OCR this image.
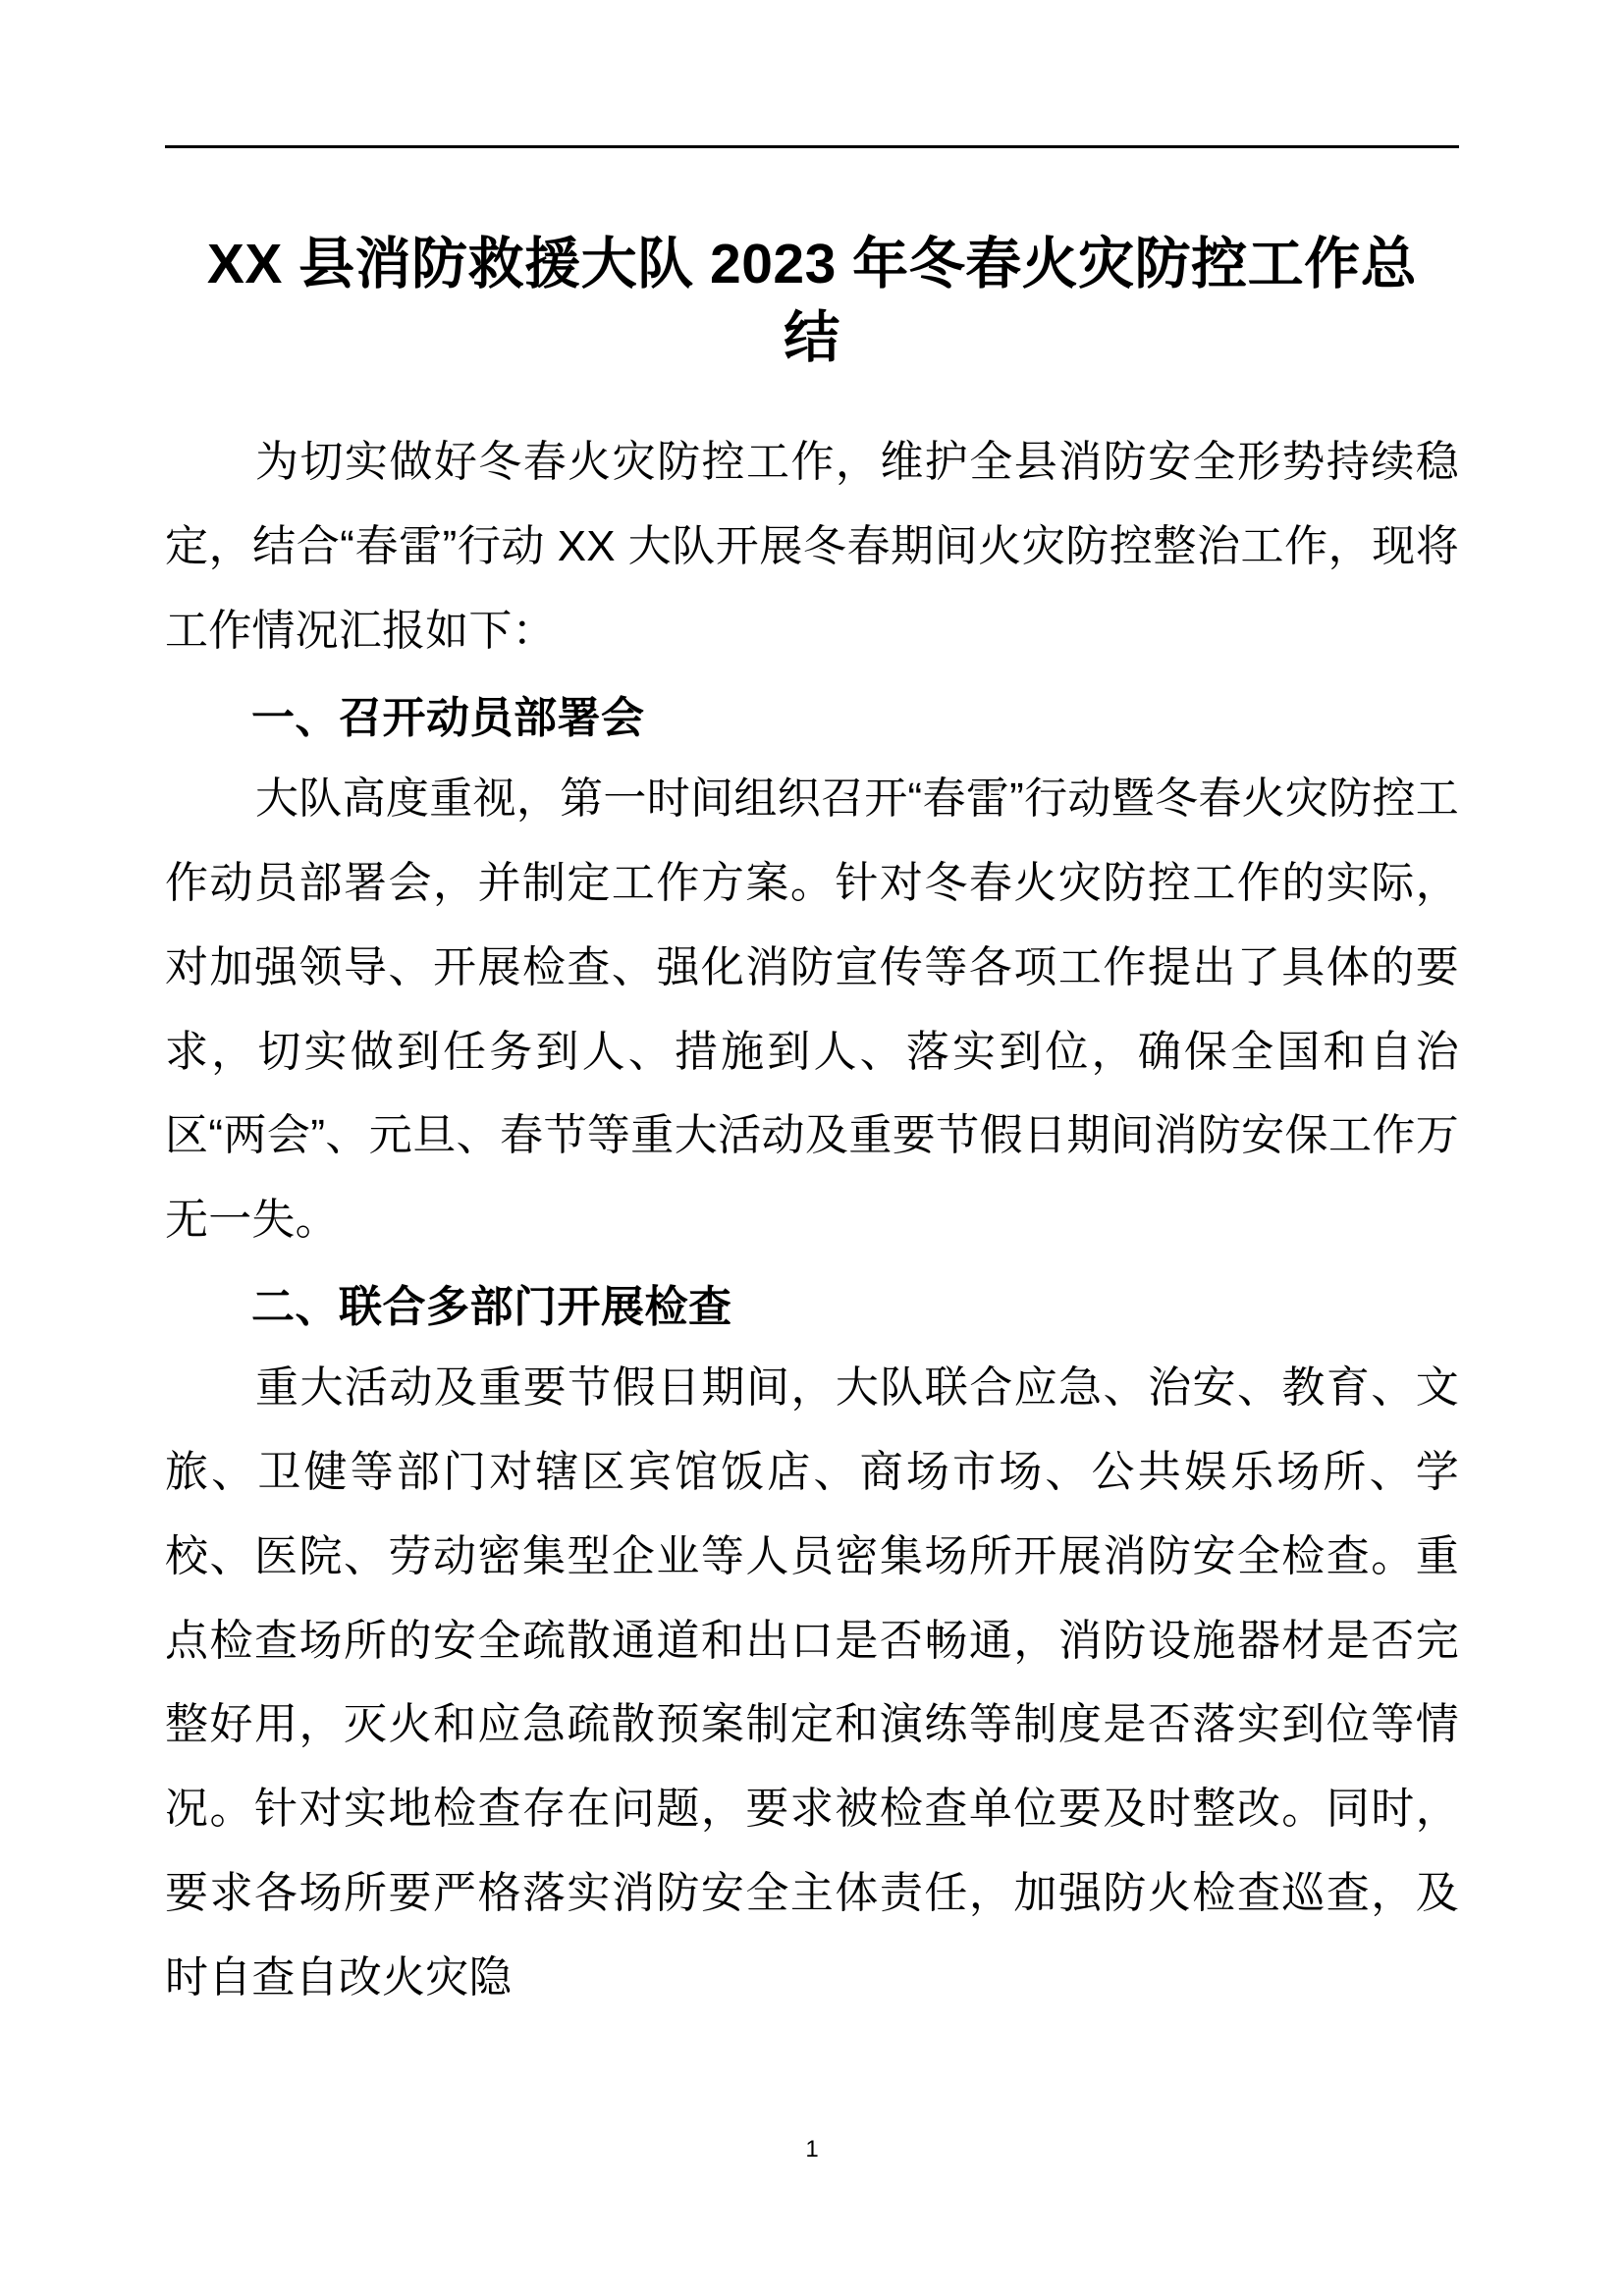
XX 县消防救援大队 2023 年冬春火灾防控工作总结

为切实做好冬春火灾防控工作，维护全县消防安全形势持续稳定，结合“春雷”行动 XX 大队开展冬春期间火灾防控整治工作，现将工作情况汇报如下：

一、召开动员部署会

大队高度重视，第一时间组织召开“春雷”行动暨冬春火灾防控工作动员部署会，并制定工作方案。针对冬春火灾防控工作的实际，对加强领导、开展检查、强化消防宣传等各项工作提出了具体的要求，切实做到任务到人、措施到人、落实到位，确保全国和自治区“两会”、元旦、春节等重大活动及重要节假日期间消防安保工作万无一失。

二、联合多部门开展检查

重大活动及重要节假日期间，大队联合应急、治安、教育、文旅、卫健等部门对辖区宾馆饭店、商场市场、公共娱乐场所、学校、医院、劳动密集型企业等人员密集场所开展消防安全检查。重点检查场所的安全疏散通道和出口是否畅通，消防设施器材是否完整好用，灭火和应急疏散预案制定和演练等制度是否落实到位等情况。针对实地检查存在问题，要求被检查单位要及时整改。同时，要求各场所要严格落实消防安全主体责任，加强防火检查巡查，及时自查自改火灾隐

1
